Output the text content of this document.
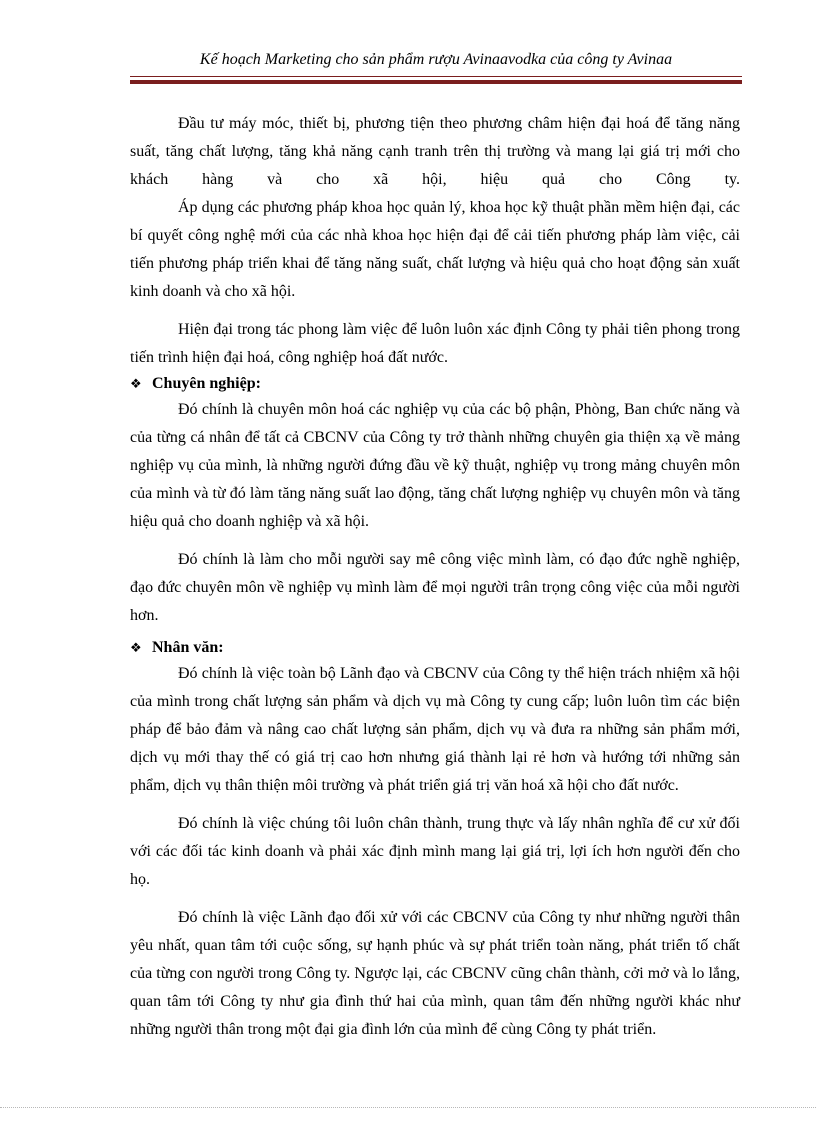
Kế hoạch Marketing cho sản phẩm rượu Avinaavodka của công ty Avinaa

Đầu tư máy móc, thiết bị, phương tiện theo phương châm hiện đại hoá để tăng năng suất, tăng chất lượng, tăng khả năng cạnh tranh trên thị trường và mang lại giá trị mới cho khách hàng và cho xã hội, hiệu quả cho Công ty.

Áp dụng các phương pháp khoa học quản lý, khoa học kỹ thuật phần mềm hiện đại, các bí quyết công nghệ mới của các nhà khoa học hiện đại để cải tiến phương pháp làm việc, cải tiến phương pháp triển khai để tăng năng suất, chất lượng và hiệu quả cho hoạt động sản xuất kinh doanh và cho xã hội.

Hiện đại trong tác phong làm việc để luôn luôn xác định Công ty phải tiên phong trong tiến trình hiện đại hoá, công nghiệp hoá đất nước.

❖ Chuyên nghiệp:

Đó chính là chuyên môn hoá các nghiệp vụ của các bộ phận, Phòng, Ban chức năng và của từng cá nhân để tất cả CBCNV của Công ty trở thành những chuyên gia thiện xạ về mảng nghiệp vụ của mình, là những người đứng đầu về kỹ thuật, nghiệp vụ trong mảng chuyên môn của mình và từ đó làm tăng năng suất lao động, tăng chất lượng nghiệp vụ chuyên môn và tăng hiệu quả cho doanh nghiệp và xã hội.

Đó chính là làm cho mỗi người say mê công việc mình làm, có đạo đức nghề nghiệp, đạo đức chuyên môn về nghiệp vụ mình làm để mọi người trân trọng công việc của mỗi người hơn.

❖ Nhân văn:

Đó chính là việc toàn bộ Lãnh đạo và CBCNV của Công ty thể hiện trách nhiệm xã hội của mình trong chất lượng sản phẩm và dịch vụ mà Công ty cung cấp; luôn luôn tìm các biện pháp để bảo đảm và nâng cao chất lượng sản phẩm, dịch vụ và đưa ra những sản phẩm mới, dịch vụ mới thay thế có giá trị cao hơn nhưng giá thành lại rẻ hơn và hướng tới những sản phẩm, dịch vụ thân thiện môi trường và phát triển giá trị văn hoá xã hội cho đất nước.

Đó chính là việc chúng tôi luôn chân thành, trung thực và lấy nhân nghĩa để cư xử đối với các đối tác kinh doanh và phải xác định mình mang lại giá trị, lợi ích hơn người đến cho họ.

Đó chính là việc Lãnh đạo đối xử với các CBCNV của Công ty như những người thân yêu nhất, quan tâm tới cuộc sống, sự hạnh phúc và sự phát triển toàn năng, phát triển tố chất của từng con người trong Công ty. Ngược lại, các CBCNV cũng chân thành, cởi mở và lo lắng, quan tâm tới Công ty như gia đình thứ hai của mình, quan tâm đến những người khác như những người thân trong một đại gia đình lớn của mình để cùng Công ty phát triển.
